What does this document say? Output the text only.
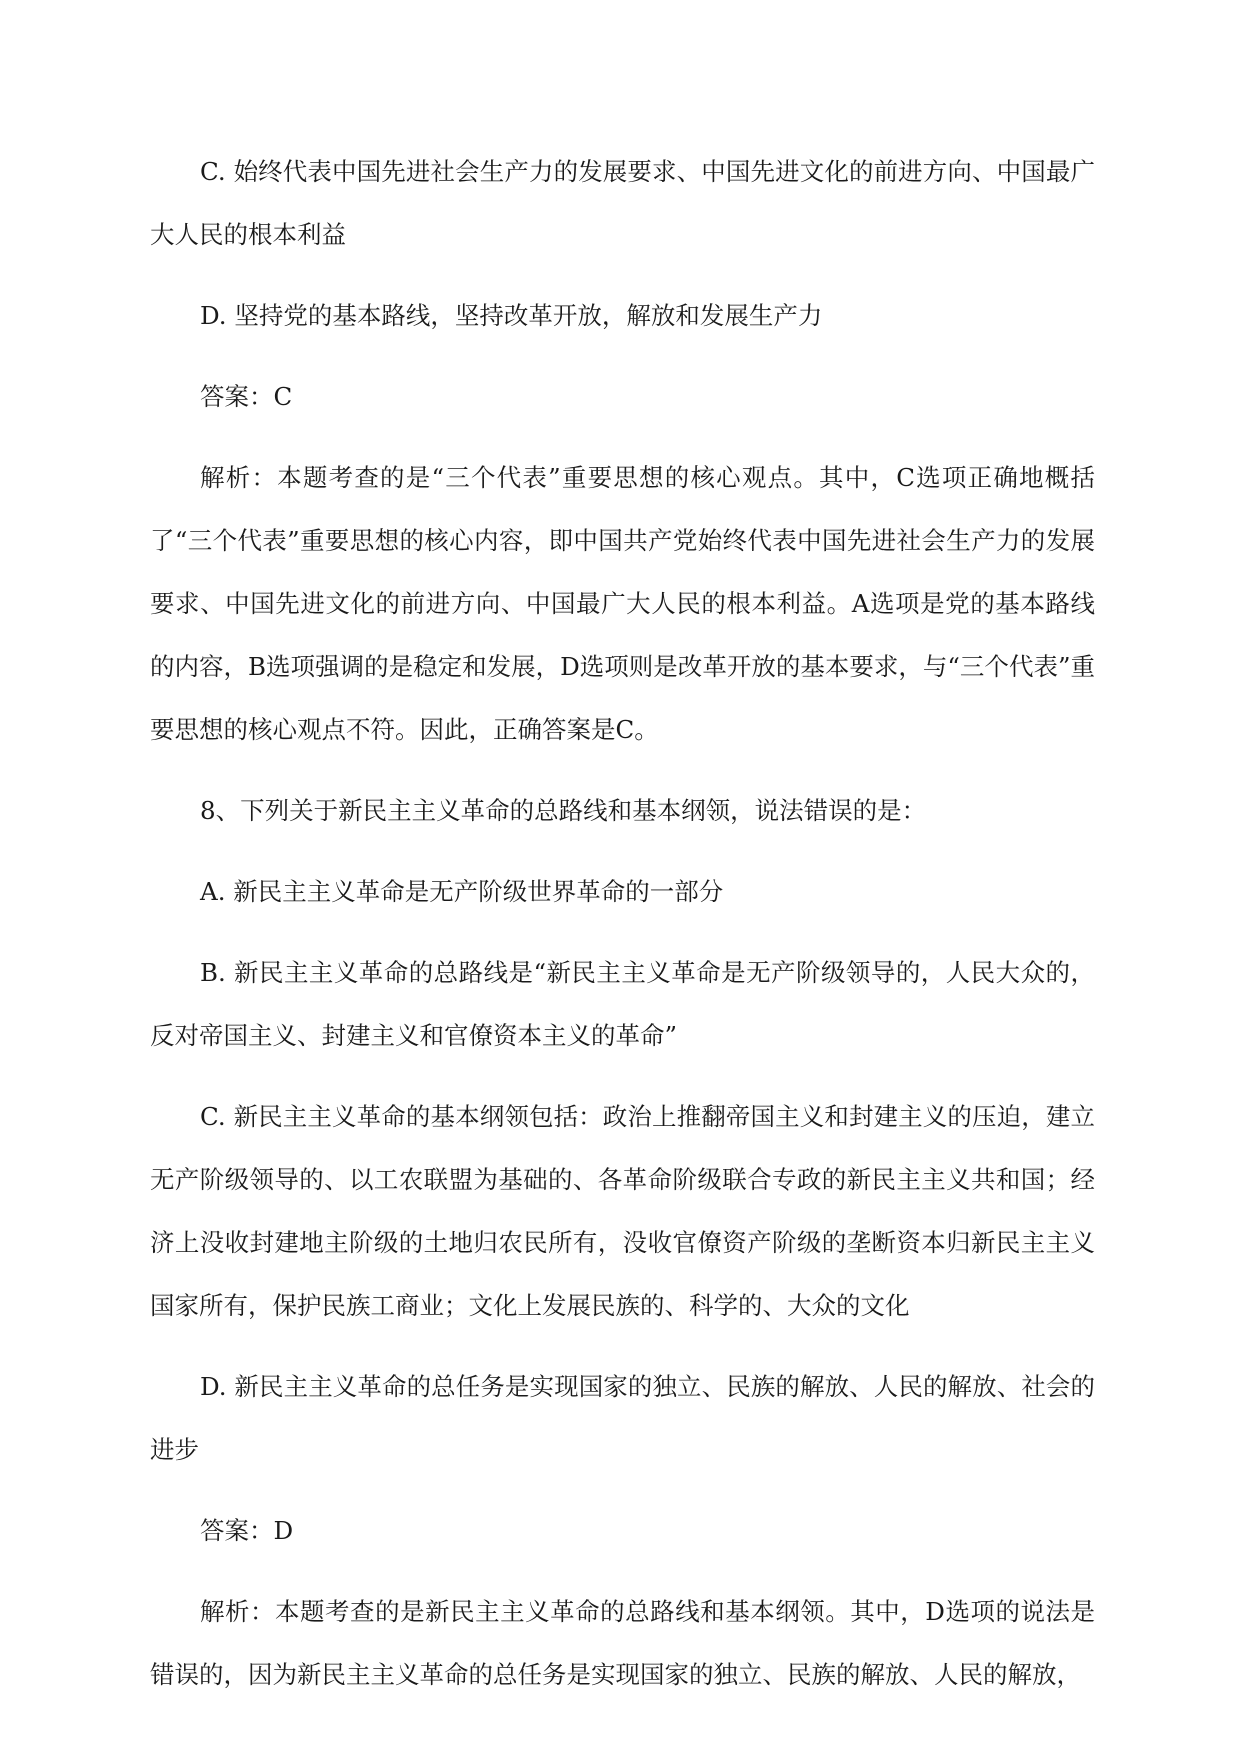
C. 始终代表中国先进社会生产力的发展要求、中国先进文化的前进方向、中国最广大人民的根本利益

D. 坚持党的基本路线，坚持改革开放，解放和发展生产力

答案：C

解析：本题考查的是“三个代表”重要思想的核心观点。其中，C选项正确地概括了“三个代表”重要思想的核心内容，即中国共产党始终代表中国先进社会生产力的发展要求、中国先进文化的前进方向、中国最广大人民的根本利益。A选项是党的基本路线的内容，B选项强调的是稳定和发展，D选项则是改革开放的基本要求，与“三个代表”重要思想的核心观点不符。因此，正确答案是C。

8、下列关于新民主主义革命的总路线和基本纲领，说法错误的是：

A. 新民主主义革命是无产阶级世界革命的一部分

B. 新民主主义革命的总路线是“新民主主义革命是无产阶级领导的，人民大众的，反对帝国主义、封建主义和官僚资本主义的革命”

C. 新民主主义革命的基本纲领包括：政治上推翻帝国主义和封建主义的压迫，建立无产阶级领导的、以工农联盟为基础的、各革命阶级联合专政的新民主主义共和国；经济上没收封建地主阶级的土地归农民所有，没收官僚资产阶级的垄断资本归新民主主义国家所有，保护民族工商业；文化上发展民族的、科学的、大众的文化

D. 新民主主义革命的总任务是实现国家的独立、民族的解放、人民的解放、社会的进步

答案：D

解析：本题考查的是新民主主义革命的总路线和基本纲领。其中，D选项的说法是错误的，因为新民主主义革命的总任务是实现国家的独立、民族的解放、人民的解放，
